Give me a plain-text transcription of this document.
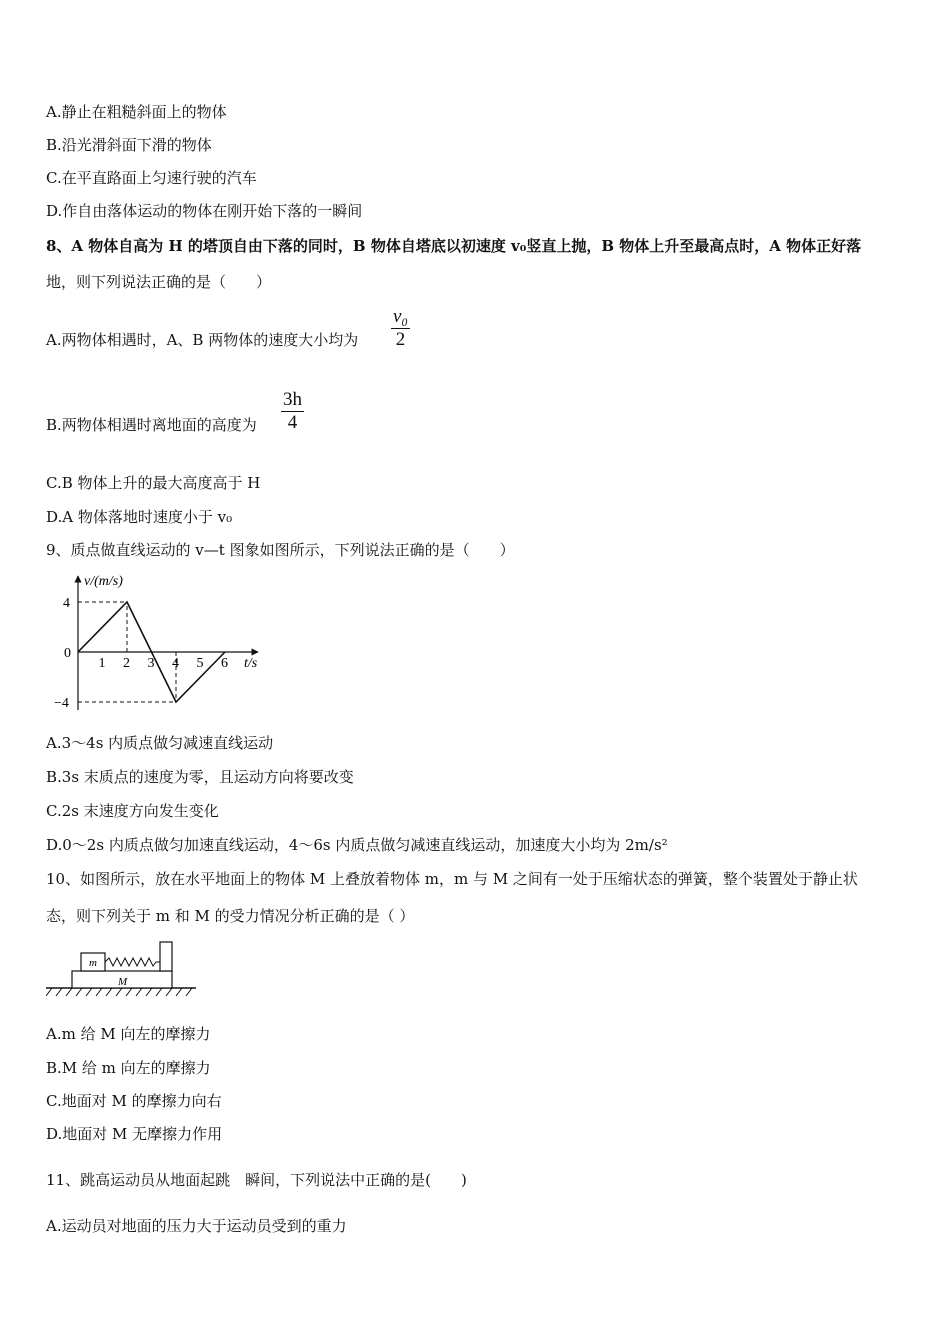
A.静止在粗糙斜面上的物体
B.沿光滑斜面下滑的物体
C.在平直路面上匀速行驶的汽车
D.作自由落体运动的物体在刚开始下落的一瞬间
8、A 物体自高为 H 的塔顶自由下落的同时，B 物体自塔底以初速度 v₀竖直上抛，B 物体上升至最高点时，A 物体正好落
地，则下列说法正确的是（　　）
A.两物体相遇时，A、B 两物体的速度大小均为 $\frac{\text{v₀}}{2}$
B.两物体相遇时离地面的高度为 $\frac{3h}{4}$
C.B 物体上升的最大高度高于 H
D.A 物体落地时速度小于 v₀
9、质点做直线运动的 v—t 图象如图所示，下列说法正确的是（　　）
1 2 3 4 5 6
4
−4
v/(m/s)
t/s
0
A.3～4s 内质点做匀减速直线运动
B.3s 末质点的速度为零，且运动方向将要改变
C.2s 末速度方向发生变化
D.0～2s 内质点做匀加速直线运动，4～6s 内质点做匀减速直线运动，加速度大小均为 2m/s²
10、如图所示，放在水平地面上的物体 M 上叠放着物体 m，m 与 M 之间有一处于压缩状态的弹簧，整个装置处于静止状
态，则下列关于 m 和 M 的受力情况分析正确的是（ ）
m
M
A.m 给 M 向左的摩擦力
B.M 给 m 向左的摩擦力
C.地面对 M 的摩擦力向右
D.地面对 M 无摩擦力作用
11、跳高运动员从地面起跳　瞬间，下列说法中正确的是(　　)
A.运动员对地面的压力大于运动员受到的重力
